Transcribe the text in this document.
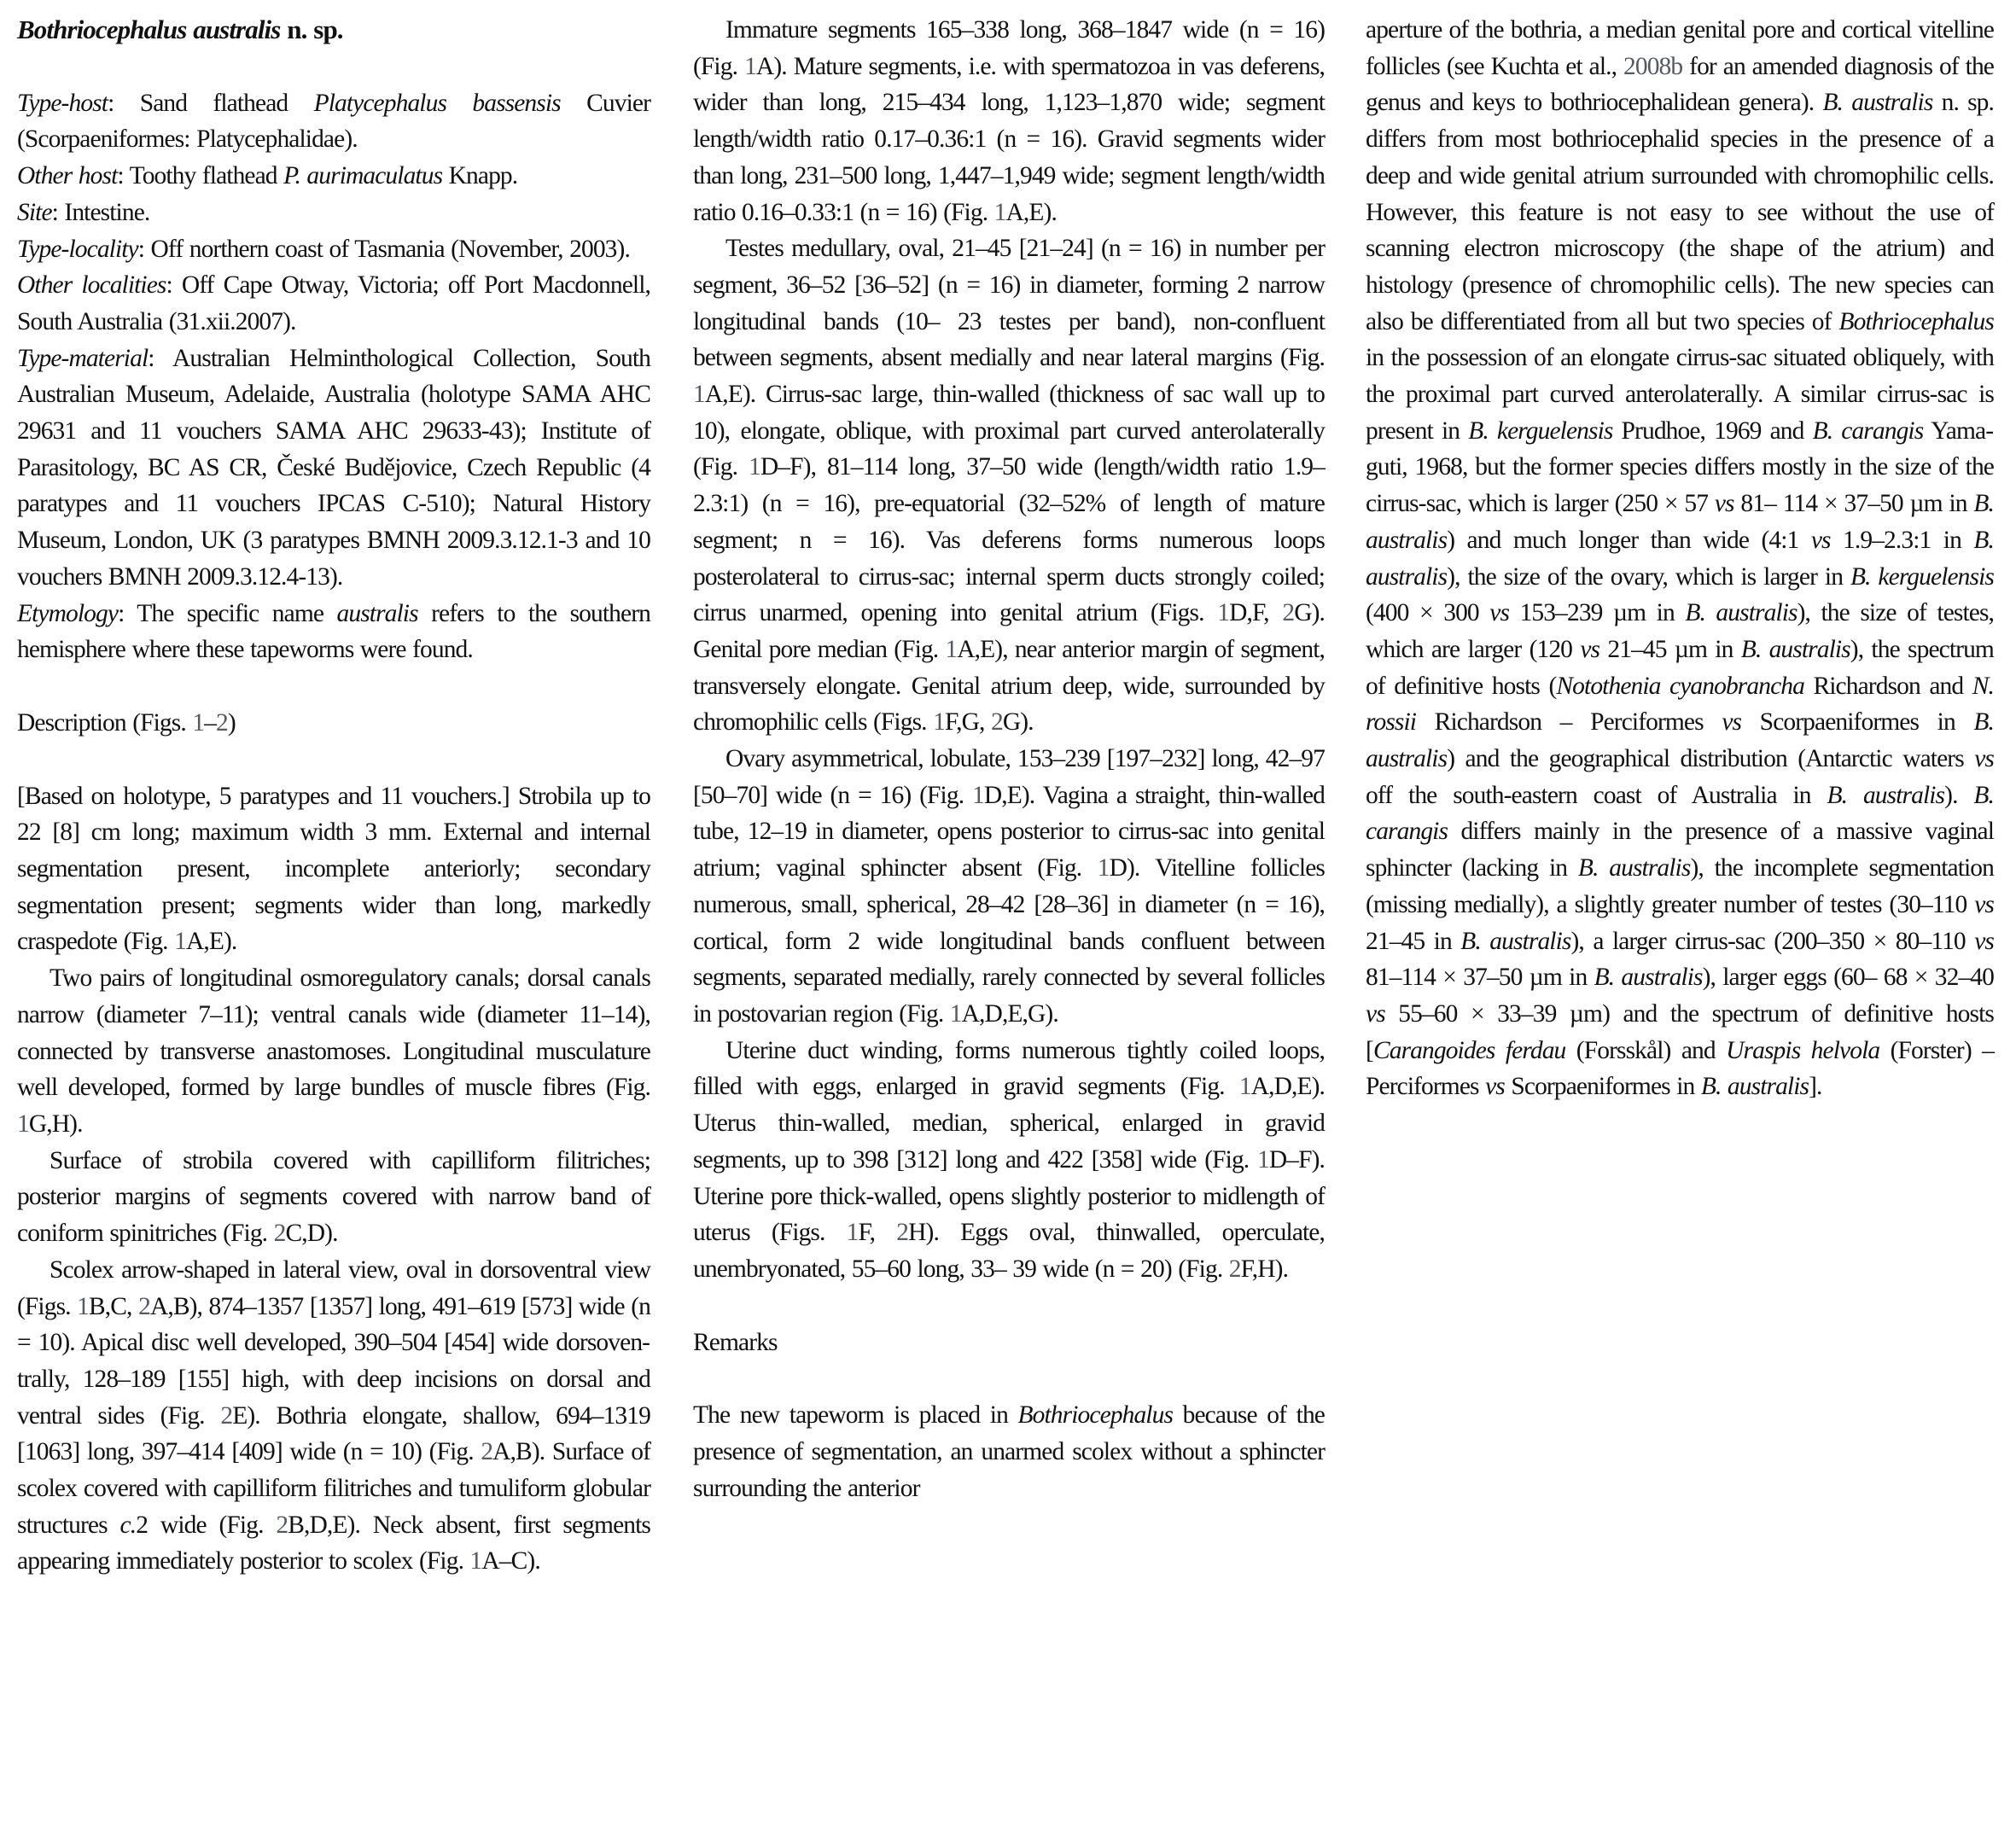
Bothriocephalus australis n. sp.

Type-host: Sand flathead Platycephalus bassensis Cuvier (Scorpaeniformes: Platycephalidae).

Other host: Toothy flathead P. aurimaculatus Knapp.

Site: Intestine.

Type-locality: Off northern coast of Tasmania (November, 2003).

Other localities: Off Cape Otway, Victoria; off Port Macdonnell, South Australia (31.xii.2007).

Type-material: Australian Helminthological Collection, South Australian Museum, Adelaide, Australia (holotype SAMA AHC 29631 and 11 vouchers SAMA AHC 29633-43); Institute of Parasitology, BC AS CR, České Budějovice, Czech Republic (4 paratypes and 11 vouchers IPCAS C-510); Natural History Museum, London, UK (3 paratypes BMNH 2009.3.12.1-3 and 10 vouchers BMNH 2009.3.12.4-13).

Etymology: The specific name australis refers to the southern hemisphere where these tapeworms were found.

Description (Figs. 1–2)

[Based on holotype, 5 paratypes and 11 vouchers.] Strobila up to 22 [8] cm long; maximum width 3 mm. External and internal segmentation present, incomplete anteriorly; secondary segmentation present; segments wider than long, markedly craspedote (Fig. 1A,E).

Two pairs of longitudinal osmoregulatory canals; dorsal canals narrow (diameter 7–11); ventral canals wide (diameter 11–14), connected by transverse anastomoses. Longitudinal musculature well developed, formed by large bundles of muscle fibres (Fig. 1G,H).

Surface of strobila covered with capilliform filitriches; posterior margins of segments covered with narrow band of coniform spinitriches (Fig. 2C,D).

Scolex arrow-shaped in lateral view, oval in dorsoventral view (Figs. 1B,C, 2A,B), 874–1357 [1357] long, 491–619 [573] wide (n = 10). Apical disc well developed, 390–504 [454] wide dorsoventrally, 128–189 [155] high, with deep incisions on dorsal and ventral sides (Fig. 2E). Bothria elongate, shallow, 694–1319 [1063] long, 397–414 [409] wide (n = 10) (Fig. 2A,B). Surface of scolex covered with capilliform filitriches and tumuliform globular structures c.2 wide (Fig. 2B,D,E). Neck absent, first segments appearing immediately posterior to scolex (Fig. 1A–C).

Immature segments 165–338 long, 368–1847 wide (n = 16) (Fig. 1A). Mature segments, i.e. with spermatozoa in vas deferens, wider than long, 215–434 long, 1,123–1,870 wide; segment length/width ratio 0.17–0.36:1 (n = 16). Gravid segments wider than long, 231–500 long, 1,447–1,949 wide; segment length/width ratio 0.16–0.33:1 (n = 16) (Fig. 1A,E).

Testes medullary, oval, 21–45 [21–24] (n = 16) in number per segment, 36–52 [36–52] (n = 16) in diameter, forming 2 narrow longitudinal bands (10– 23 testes per band), non-confluent between segments, absent medially and near lateral margins (Fig. 1A,E). Cirrus-sac large, thin-walled (thickness of sac wall up to 10), elongate, oblique, with proximal part curved anterolaterally (Fig. 1D–F), 81–114 long, 37–50 wide (length/width ratio 1.9–2.3:1) (n = 16), pre-equatorial (32–52% of length of mature segment; n = 16). Vas deferens forms numerous loops posterolateral to cirrus-sac; internal sperm ducts strongly coiled; cirrus unarmed, opening into genital atrium (Figs. 1D,F, 2G). Genital pore median (Fig. 1A,E), near anterior margin of segment, transversely elongate. Genital atrium deep, wide, surrounded by chromophilic cells (Figs. 1F,G, 2G).

Ovary asymmetrical, lobulate, 153–239 [197–232] long, 42–97 [50–70] wide (n = 16) (Fig. 1D,E). Vagina a straight, thin-walled tube, 12–19 in diameter, opens posterior to cirrus-sac into genital atrium; vaginal sphincter absent (Fig. 1D). Vitelline follicles numerous, small, spherical, 28–42 [28–36] in diameter (n = 16), cortical, form 2 wide longitudinal bands confluent between segments, separated medially, rarely connected by several follicles in postovarian region (Fig. 1A,D,E,G).

Uterine duct winding, forms numerous tightly coiled loops, filled with eggs, enlarged in gravid segments (Fig. 1A,D,E). Uterus thin-walled, median, spherical, enlarged in gravid segments, up to 398 [312] long and 422 [358] wide (Fig. 1D–F). Uterine pore thick-walled, opens slightly posterior to midlength of uterus (Figs. 1F, 2H). Eggs oval, thinwalled, operculate, unembryonated, 55–60 long, 33– 39 wide (n = 20) (Fig. 2F,H).

Remarks

The new tapeworm is placed in Bothriocephalus because of the presence of segmentation, an unarmed scolex without a sphincter surrounding the anterior

aperture of the bothria, a median genital pore and cortical vitelline follicles (see Kuchta et al., 2008b for an amended diagnosis of the genus and keys to bothriocephalidean genera). B. australis n. sp. differs from most bothriocephalid species in the presence of a deep and wide genital atrium surrounded with chromophilic cells. However, this feature is not easy to see without the use of scanning electron microscopy (the shape of the atrium) and histology (presence of chromophilic cells). The new species can also be differentiated from all but two species of Bothriocephalus in the possession of an elongate cirrus-sac situated obliquely, with the proximal part curved anterolaterally. A similar cirrus-sac is present in B. kerguelensis Prudhoe, 1969 and B. carangis Yamaguti, 1968, but the former species differs mostly in the size of the cirrus-sac, which is larger (250 × 57 vs 81– 114 × 37–50 µm in B. australis) and much longer than wide (4:1 vs 1.9–2.3:1 in B. australis), the size of the ovary, which is larger in B. kerguelensis (400 × 300 vs 153–239 µm in B. australis), the size of testes, which are larger (120 vs 21–45 µm in B. australis), the spectrum of definitive hosts (Notothenia cyanobrancha Richardson and N. rossii Richardson – Perciformes vs Scorpaeniformes in B. australis) and the geographical distribution (Antarctic waters vs off the south-eastern coast of Australia in B. australis). B. carangis differs mainly in the presence of a massive vaginal sphincter (lacking in B. australis), the incomplete segmentation (missing medially), a slightly greater number of testes (30–110 vs 21–45 in B. australis), a larger cirrus-sac (200–350 × 80–110 vs 81–114 × 37–50 µm in B. australis), larger eggs (60– 68 × 32–40 vs 55–60 × 33–39 µm) and the spectrum of definitive hosts [Carangoides ferdau (Forsskål) and Uraspis helvola (Forster) – Perciformes vs Scorpaeniformes in B. australis].
